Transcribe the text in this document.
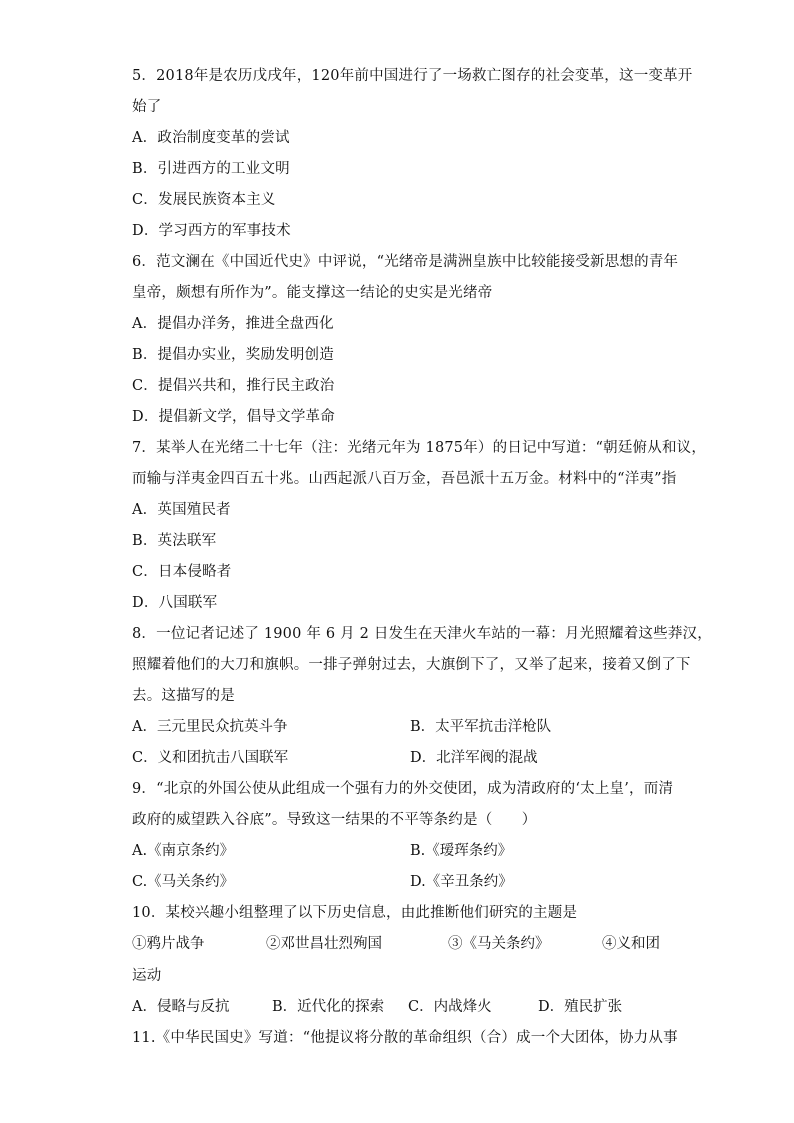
5．2018年是农历戊戌年，120年前中国进行了一场救亡图存的社会变革，这一变革开
始了
A．政治制度变革的尝试
B．引进西方的工业文明
C．发展民族资本主义
D．学习西方的军事技术
6．范文澜在《中国近代史》中评说，“光绪帝是满洲皇族中比较能接受新思想的青年
皇帝，颇想有所作为”。能支撑这一结论的史实是光绪帝
A．提倡办洋务，推进全盘西化
B．提倡办实业，奖励发明创造
C．提倡兴共和，推行民主政治
D．提倡新文学，倡导文学革命
7．某举人在光绪二十七年（注：光绪元年为 1875年）的日记中写道：“朝廷俯从和议，
而输与洋夷金四百五十兆。山西起派八百万金，吾邑派十五万金。材料中的“洋夷”指
A．英国殖民者
B．英法联军
C．日本侵略者
D．八国联军
8．一位记者记述了 1900 年 6 月 2 日发生在天津火车站的一幕：月光照耀着这些莽汉，
照耀着他们的大刀和旗帜。一排子弹射过去，大旗倒下了，又举了起来，接着又倒了下
去。这描写的是
A．三元里民众抗英斗争	B．太平军抗击洋枪队
C．义和团抗击八国联军	D．北洋军阀的混战
9．“北京的外国公使从此组成一个强有力的外交使团，成为清政府的‘太上皇’，而清
政府的威望跌入谷底”。导致这一结果的不平等条约是（　　）
A.《南京条约》	B.《瑷珲条约》
C.《马关条约》	D.《辛丑条约》
10．某校兴趣小组整理了以下历史信息，由此推断他们研究的主题是
①鸦片战争	②邓世昌壮烈殉国	③《马关条约》	④义和团
运动
A．侵略与反抗	B．近代化的探索 C．内战烽火	D．殖民扩张
11.《中华民国史》写道：“他提议将分散的革命组织（合）成一个大团体，协力从事
